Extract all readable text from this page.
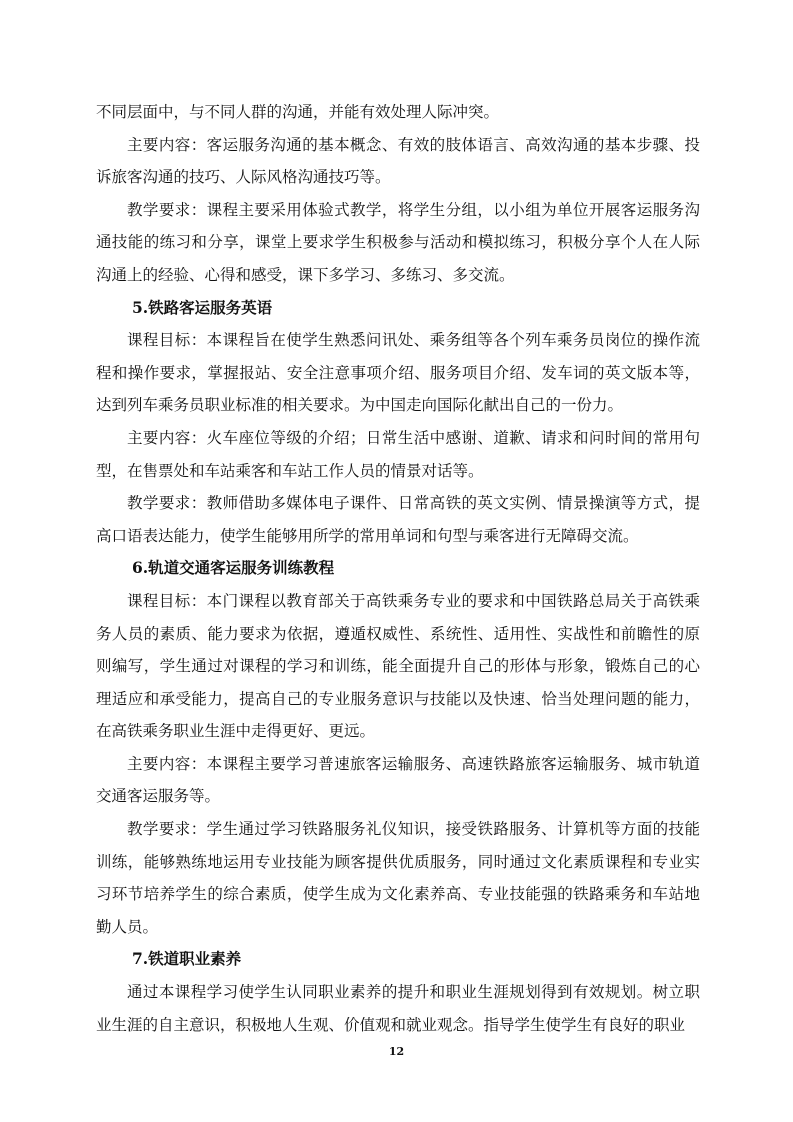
不同层面中，与不同人群的沟通，并能有效处理人际冲突。

主要内容：客运服务沟通的基本概念、有效的肢体语言、高效沟通的基本步骤、投诉旅客沟通的技巧、人际风格沟通技巧等。

教学要求：课程主要采用体验式教学，将学生分组，以小组为单位开展客运服务沟通技能的练习和分享，课堂上要求学生积极参与活动和模拟练习，积极分享个人在人际沟通上的经验、心得和感受，课下多学习、多练习、多交流。

5.铁路客运服务英语

课程目标：本课程旨在使学生熟悉问讯处、乘务组等各个列车乘务员岗位的操作流程和操作要求，掌握报站、安全注意事项介绍、服务项目介绍、发车词的英文版本等，达到列车乘务员职业标准的相关要求。为中国走向国际化献出自己的一份力。

主要内容：火车座位等级的介绍；日常生活中感谢、道歉、请求和问时间的常用句型，在售票处和车站乘客和车站工作人员的情景对话等。

教学要求：教师借助多媒体电子课件、日常高铁的英文实例、情景操演等方式，提高口语表达能力，使学生能够用所学的常用单词和句型与乘客进行无障碍交流。

6.轨道交通客运服务训练教程

课程目标：本门课程以教育部关于高铁乘务专业的要求和中国铁路总局关于高铁乘务人员的素质、能力要求为依据，遵遁权威性、系统性、适用性、实战性和前瞻性的原则编写，学生通过对课程的学习和训练，能全面提升自己的形体与形象，锻炼自己的心理适应和承受能力，提高自己的专业服务意识与技能以及快速、恰当处理问题的能力，在高铁乘务职业生涯中走得更好、更远。

主要内容：本课程主要学习普速旅客运输服务、高速铁路旅客运输服务、城市轨道交通客运服务等。

教学要求：学生通过学习铁路服务礼仪知识，接受铁路服务、计算机等方面的技能训练，能够熟练地运用专业技能为顾客提供优质服务，同时通过文化素质课程和专业实习环节培养学生的综合素质，使学生成为文化素养高、专业技能强的铁路乘务和车站地勤人员。

7.铁道职业素养

通过本课程学习使学生认同职业素养的提升和职业生涯规划得到有效规划。树立职业生涯的自主意识，积极地人生观、价值观和就业观念。指导学生使学生有良好的职业

12
